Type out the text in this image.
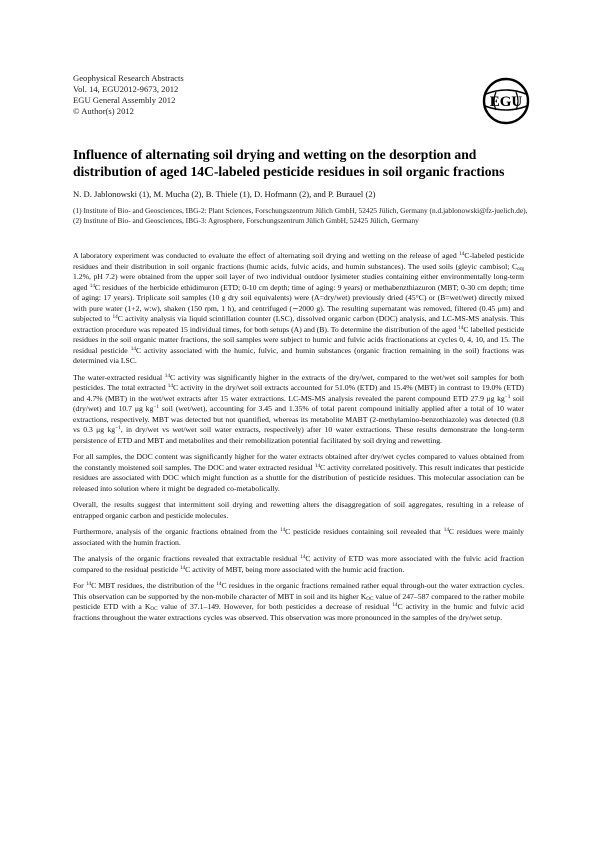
Geophysical Research Abstracts
Vol. 14, EGU2012-9673, 2012
EGU General Assembly 2012
© Author(s) 2012
EGU
Influence of alternating soil drying and wetting on the desorption and distribution of aged 14C-labeled pesticide residues in soil organic fractions

N. D. Jablonowski (1), M. Mucha (2), B. Thiele (1), D. Hofmann (2), and P. Burauel (2)

(1) Institute of Bio- and Geosciences, IBG-2: Plant Sciences, Forschungszentrum Jülich GmbH, 52425 Jülich, Germany (n.d.jablonowski@fz-juelich.de), (2) Institute of Bio- and Geosciences, IBG-3: Agrosphere, Forschungszentrum Jülich GmbH, 52425 Jülich, Germany

A laboratory experiment was conducted to evaluate the effect of alternating soil drying and wetting on the release of aged $^{14}$C-labeled pesticide residues and their distribution in soil organic fractions (humic acids, fulvic acids, and humin substances). The used soils (gleyic cambisol; $C_{org}$ 1.2%, pH 7.2) were obtained from the upper soil layer of two individual outdoor lysimeter studies containing either environmentally long-term aged $^{14}$C residues of the herbicide ethidimuron (ETD; 0-10 cm depth; time of aging: 9 years) or methabenzthiazuron (MBT; 0-30 cm depth; time of aging: 17 years). Triplicate soil samples (10 g dry soil equivalents) were (A=dry/wet) previously dried (45°C) or (B=wet/wet) directly mixed with pure water (1+2, w:w), shaken (150 rpm, 1 h), and centrifuged (∼2000 g). The resulting supernatant was removed, filtered (0.45 μm) and subjected to $^{14}$C activity analysis via liquid scintillation counter (LSC), dissolved organic carbon (DOC) analysis, and LC-MS-MS analysis. This extraction procedure was repeated 15 individual times, for both setups (A) and (B). To determine the distribution of the aged $^{14}$C labelled pesticide residues in the soil organic matter fractions, the soil samples were subject to humic and fulvic acids fractionations at cycles 0, 4, 10, and 15. The residual pesticide $^{14}$C activity associated with the humic, fulvic, and humin substances (organic fraction remaining in the soil) fractions was determined via LSC.

The water-extracted residual $^{14}$C activity was significantly higher in the extracts of the dry/wet, compared to the wet/wet soil samples for both pesticides. The total extracted $^{14}$C activity in the dry/wet soil extracts accounted for 51.0% (ETD) and 15.4% (MBT) in contrast to 19.0% (ETD) and 4.7% (MBT) in the wet/wet extracts after 15 water extractions. LC-MS-MS analysis revealed the parent compound ETD 27.9 μg $kg^{-1}$ soil (dry/wet) and 10.7 μg $kg^{-1}$ soil (wet/wet), accounting for 3.45 and 1.35% of total parent compound initially applied after a total of 10 water extractions, respectively. MBT was detected but not quantified, whereas its metabolite MABT (2-methylamino-benzothiazole) was detected (0.8 vs 0.3 μg $kg^{-1}$, in dry/wet vs wet/wet soil water extracts, respectively) after 10 water extractions. These results demonstrate the long-term persistence of ETD and MBT and metabolites and their remobilization potential facilitated by soil drying and rewetting.

For all samples, the DOC content was significantly higher for the water extracts obtained after dry/wet cycles compared to values obtained from the constantly moistened soil samples. The DOC and water extracted residual $^{14}$C activity correlated positively. This result indicates that pesticide residues are associated with DOC which might function as a shuttle for the distribution of pesticide residues. This molecular association can be released into solution where it might be degraded co-metabolically.

Overall, the results suggest that intermittent soil drying and rewetting alters the disaggregation of soil aggregates, resulting in a release of entrapped organic carbon and pesticide molecules.

Furthermore, analysis of the organic fractions obtained from the $^{14}$C pesticide residues containing soil revealed that $^{14}$C residues were mainly associated with the humin fraction.

The analysis of the organic fractions revealed that extractable residual $^{14}$C activity of ETD was more associated with the fulvic acid fraction compared to the residual pesticide $^{14}$C activity of MBT, being more associated with the humic acid fraction.

For $^{14}$C MBT residues, the distribution of the $^{14}$C residues in the organic fractions remained rather equal through-out the water extraction cycles. This observation can be supported by the non-mobile character of MBT in soil and its higher $K_{OC}$ value of 247–587 compared to the rather mobile pesticide ETD with a $K_{OC}$ value of 37.1–149. However, for both pesticides a decrease of residual $^{14}$C activity in the humic and fulvic acid fractions throughout the water extractions cycles was observed. This observation was more pronounced in the samples of the dry/wet setup.
